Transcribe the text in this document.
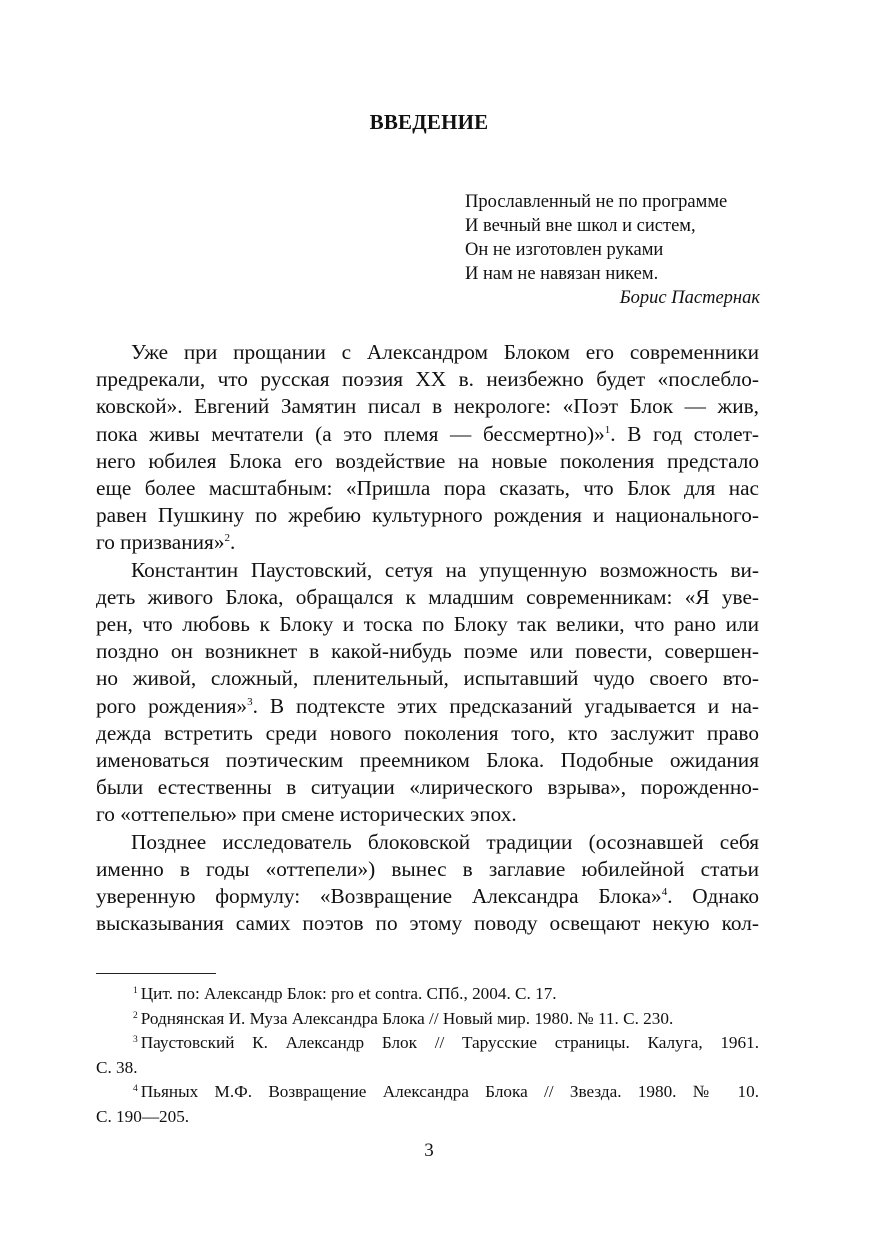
ВВЕДЕНИЕ
Прославленный не по программе
И вечный вне школ и систем,
Он не изготовлен руками
И нам не навязан никем.
Борис Пастернак
Уже при прощании с Александром Блоком его современники
предрекали, что русская поэзия XX в. неизбежно будет «послебло-
ковской». Евгений Замятин писал в некрологе: «Поэт Блок — жив,
пока живы мечтатели (а это племя — бессмертно)»$^1$. В год столет-
него юбилея Блока его воздействие на новые поколения предстало
еще более масштабным: «Пришла пора сказать, что Блок для нас
равен Пушкину по жребию культурного рождения и национального-
го призвания»$^2$.
Константин Паустовский, сетуя на упущенную возможность ви-
деть живого Блока, обращался к младшим современникам: «Я уве-
рен, что любовь к Блоку и тоска по Блоку так велики, что рано или
поздно он возникнет в какой-нибудь поэме или повести, совершен-
но живой, сложный, пленительный, испытавший чудо своего вто-
рого рождения»$^3$. В подтексте этих предсказаний угадывается и на-
дежда встретить среди нового поколения того, кто заслужит право
именоваться поэтическим преемником Блока. Подобные ожидания
были естественны в ситуации «лирического взрыва», порожденно-
го «оттепелью» при смене исторических эпох.
Позднее исследователь блоковской традиции (осознавшей себя
именно в годы «оттепели») вынес в заглавие юбилейной статьи
уверенную формулу: «Возвращение Александра Блока»$^4$. Однако
высказывания самих поэтов по этому поводу освещают некую кол-
$^1$ Цит. по: Александр Блок: pro et contra. СПб., 2004. С. 17.
$^2$ Роднянская И. Муза Александра Блока // Новый мир. 1980. № 11. С. 230.
$^3$ Паустовский К. Александр Блок // Тарусские страницы. Калуга, 1961.
С. 38.
$^4$ Пьяных М.Ф. Возвращение Александра Блока // Звезда. 1980. № 10.
С. 190—205.
3
